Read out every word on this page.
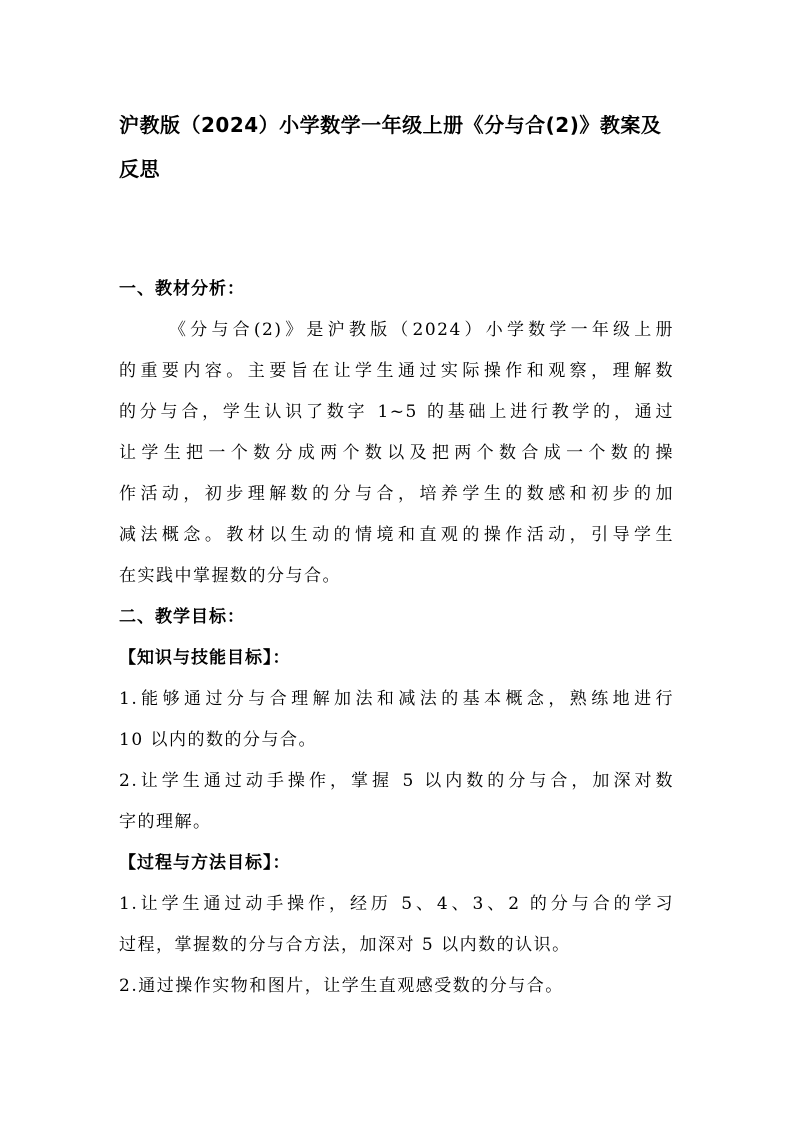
沪教版（2024）小学数学一年级上册《分与合(2)》教案及
反思

一、教材分析：

《分与合(2)》是沪教版（2024）小学数学一年级上册

的重要内容。主要旨在让学生通过实际操作和观察，理解数

的分与合，学生认识了数字 1~5 的基础上进行教学的，通过

让学生把一个数分成两个数以及把两个数合成一个数的操

作活动，初步理解数的分与合，培养学生的数感和初步的加

减法概念。教材以生动的情境和直观的操作活动，引导学生

在实践中掌握数的分与合。

二、教学目标：

【知识与技能目标】：

1.能够通过分与合理解加法和减法的基本概念，熟练地进行

10 以内的数的分与合。

2.让学生通过动手操作，掌握 5 以内数的分与合，加深对数

字的理解。

【过程与方法目标】：

1.让学生通过动手操作，经历 5、4、3、2 的分与合的学习

过程，掌握数的分与合方法，加深对 5 以内数的认识。

2.通过操作实物和图片，让学生直观感受数的分与合。
